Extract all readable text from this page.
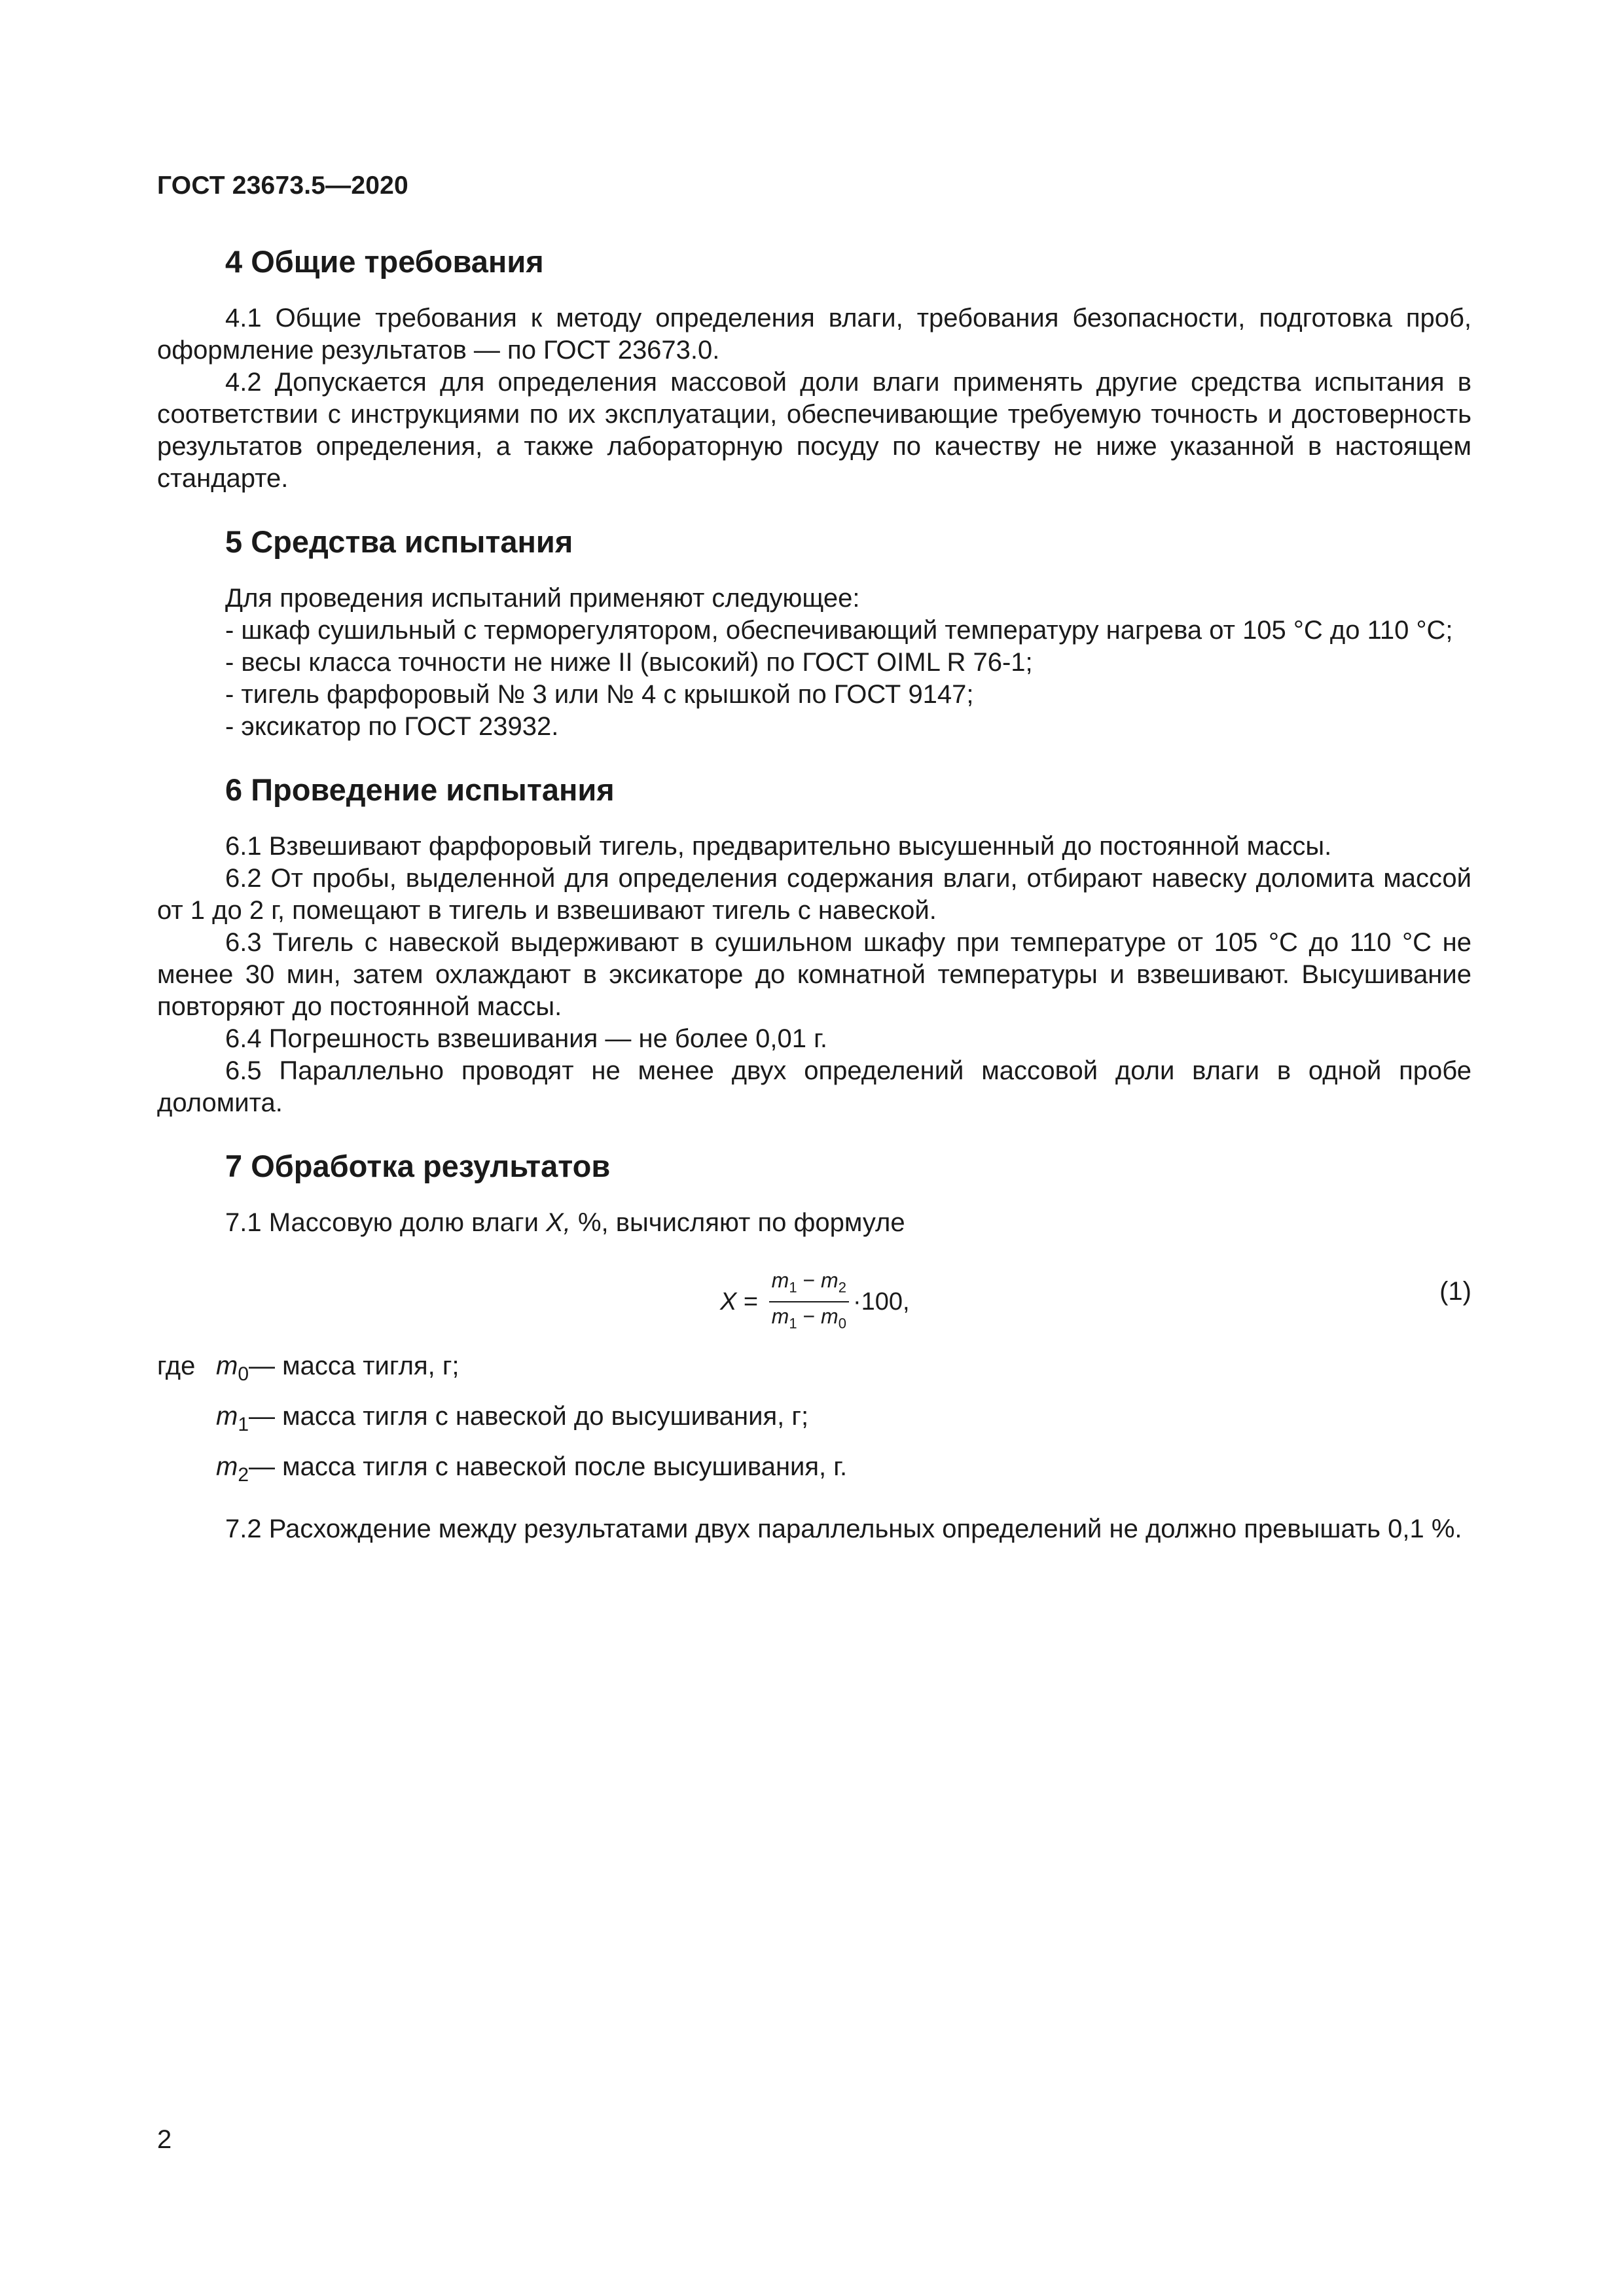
ГОСТ 23673.5—2020
4 Общие требования

4.1 Общие требования к методу определения влаги, требования безопасности, подготовка проб, оформление результатов — по ГОСТ 23673.0.

4.2 Допускается для определения массовой доли влаги применять другие средства испытания в соответствии с инструкциями по их эксплуатации, обеспечивающие требуемую точность и достоверность результатов определения, а также лабораторную посуду по качеству не ниже указанной в настоящем стандарте.

5 Средства испытания

Для проведения испытаний применяют следующее:

- шкаф сушильный с терморегулятором, обеспечивающий температуру нагрева от 105 °С до 110 °С;

- весы класса точности не ниже II (высокий) по ГОСТ OIML R 76-1;

- тигель фарфоровый № 3 или № 4 с крышкой по ГОСТ 9147;

- эксикатор по ГОСТ 23932.

6 Проведение испытания

6.1 Взвешивают фарфоровый тигель, предварительно высушенный до постоянной массы.

6.2 От пробы, выделенной для определения содержания влаги, отбирают навеску доломита массой от 1 до 2 г, помещают в тигель и взвешивают тигель с навеской.

6.3 Тигель с навеской выдерживают в сушильном шкафу при температуре от 105 °С до 110 °С не менее 30 мин, затем охлаждают в эксикаторе до комнатной температуры и взвешивают. Высушивание повторяют до постоянной массы.

6.4 Погрешность взвешивания — не более 0,01 г.

6.5 Параллельно проводят не менее двух определений массовой доли влаги в одной пробе доломита.

7 Обработка результатов

7.1 Массовую долю влаги X, %, вычисляют по формуле

$X = \frac{m_1 - m_2}{m_1 - m_0} \cdot 100$,	(1)
где $m_0$ — масса тигля, г;
$m_1$ — масса тигля с навеской до высушивания, г;
$m_2$ — масса тигля с навеской после высушивания, г.

7.2 Расхождение между результатами двух параллельных определений не должно превышать 0,1 %.

2
